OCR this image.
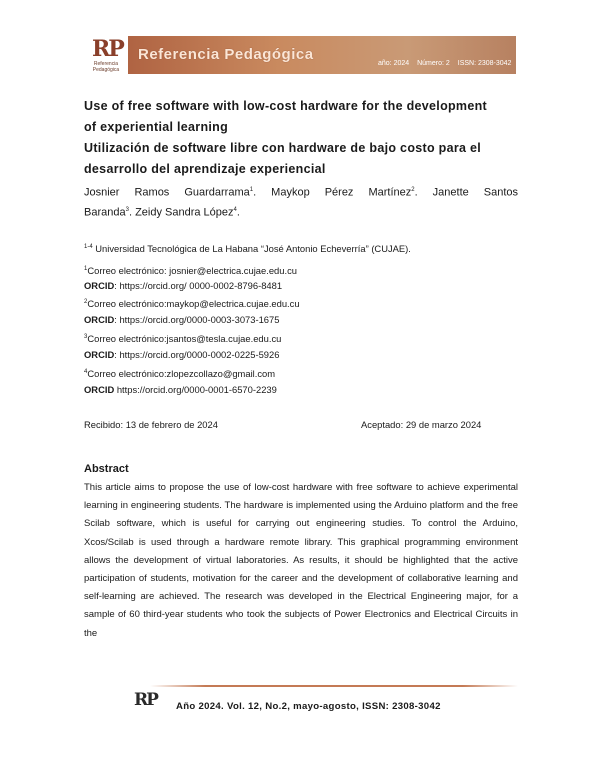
RP
Referencia Pedagógica
Referencia Pedagógica
año: 2024 Número: 2 ISSN: 2308-3042
Use of free software with low-cost hardware for the development
of experiential learning
Utilización de software libre con hardware de bajo costo para el
desarrollo del aprendizaje experiencial
Josnier Ramos Guardarrama$^1$. Maykop Pérez Martínez$^2$. Janette Santos
Baranda$^3$. Zeidy Sandra López$^4$.
$^{1-4}$ Universidad Tecnológica de La Habana “José Antonio Echeverría” (CUJAE).
$^1$Correo electrónico: josnier@electrica.cujae.edu.cu
ORCID: https://orcid.org/ 0000-0002-8796-8481
$^2$Correo electrónico:maykop@electrica.cujae.edu.cu
ORCID: https://orcid.org/0000-0003-3073-1675
$^3$Correo electrónico:jsantos@tesla.cujae.edu.cu
ORCID: https://orcid.org/0000-0002-0225-5926
$^4$Correo electrónico:zlopezcollazo@gmail.com
ORCID https://orcid.org/0000-0001-6570-2239
Recibido: 13 de febrero de 2024	Aceptado: 29 de marzo 2024
Abstract
This article aims to propose the use of low-cost hardware with free software to achieve experimental learning in engineering students. The hardware is implemented using the Arduino platform and the free Scilab software, which is useful for carrying out engineering studies. To control the Arduino, Xcos/Scilab is used through a hardware remote library. This graphical programming environment allows the development of virtual laboratories. As results, it should be highlighted that the active participation of students, motivation for the career and the development of collaborative learning and self-learning are achieved. The research was developed in the Electrical Engineering major, for a sample of 60 third-year students who took the subjects of Power Electronics and Electrical Circuits in the
RP Año 2024. Vol. 12, No.2, mayo-agosto, ISSN: 2308-3042
